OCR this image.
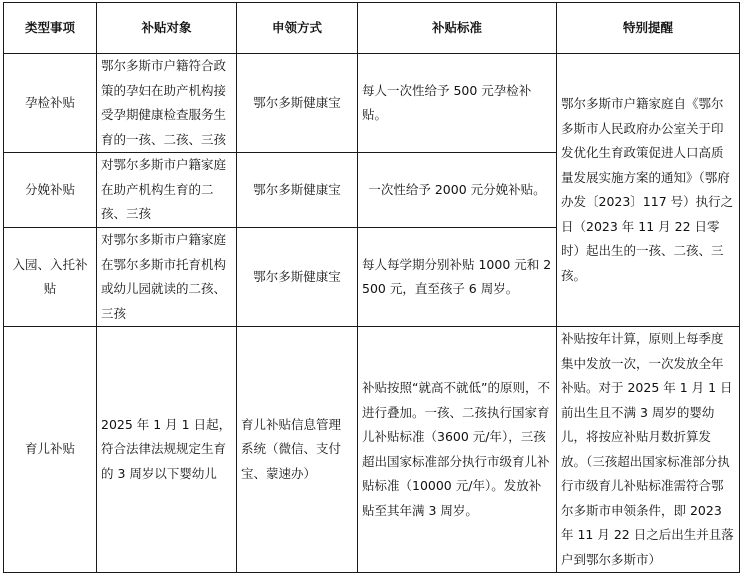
类型事项	补贴对象	申领方式	补贴标准	特别提醒
孕检补贴	鄂尔多斯市户籍符合政策的孕妇在助产机构接受孕期健康检查服务生育的一孩、二孩、三孩	鄂尔多斯健康宝	每人一次性给予 500 元孕检补贴。	鄂尔多斯市户籍家庭自《鄂尔多斯市人民政府办公室关于印发优化生育政策促进人口高质量发展实施方案的通知》（鄂府办发〔2023〕117 号）执行之日（2023 年 11 月 22 日零时）起出生的一孩、二孩、三孩。
分娩补贴	对鄂尔多斯市户籍家庭在助产机构生育的二孩、三孩	鄂尔多斯健康宝	一次性给予 2000 元分娩补贴。	
入园、入托补贴	对鄂尔多斯市户籍家庭在鄂尔多斯市托育机构或幼儿园就读的二孩、三孩	鄂尔多斯健康宝	每人每学期分别补贴 1000 元和 2500 元，直至孩子 6 周岁。	
育儿补贴	2025 年 1 月 1 日起，符合法律法规规定生育的 3 周岁以下婴幼儿	育儿补贴信息管理系统（微信、支付宝、蒙速办）	补贴按照“就高不就低”的原则，不进行叠加。一孩、二孩执行国家育儿补贴标准（3600 元/年），三孩超出国家标准部分执行市级育儿补贴标准（10000 元/年）。发放补贴至其年满 3 周岁。	补贴按年计算，原则上每季度集中发放一次，一次发放全年补贴。对于 2025 年 1 月 1 日前出生且不满 3 周岁的婴幼儿，将按应补贴月数折算发放。（三孩超出国家标准部分执行市级育儿补贴标准需符合鄂尔多斯市申领条件，即 2023 年 11 月 22 日之后出生并且落户到鄂尔多斯市）
